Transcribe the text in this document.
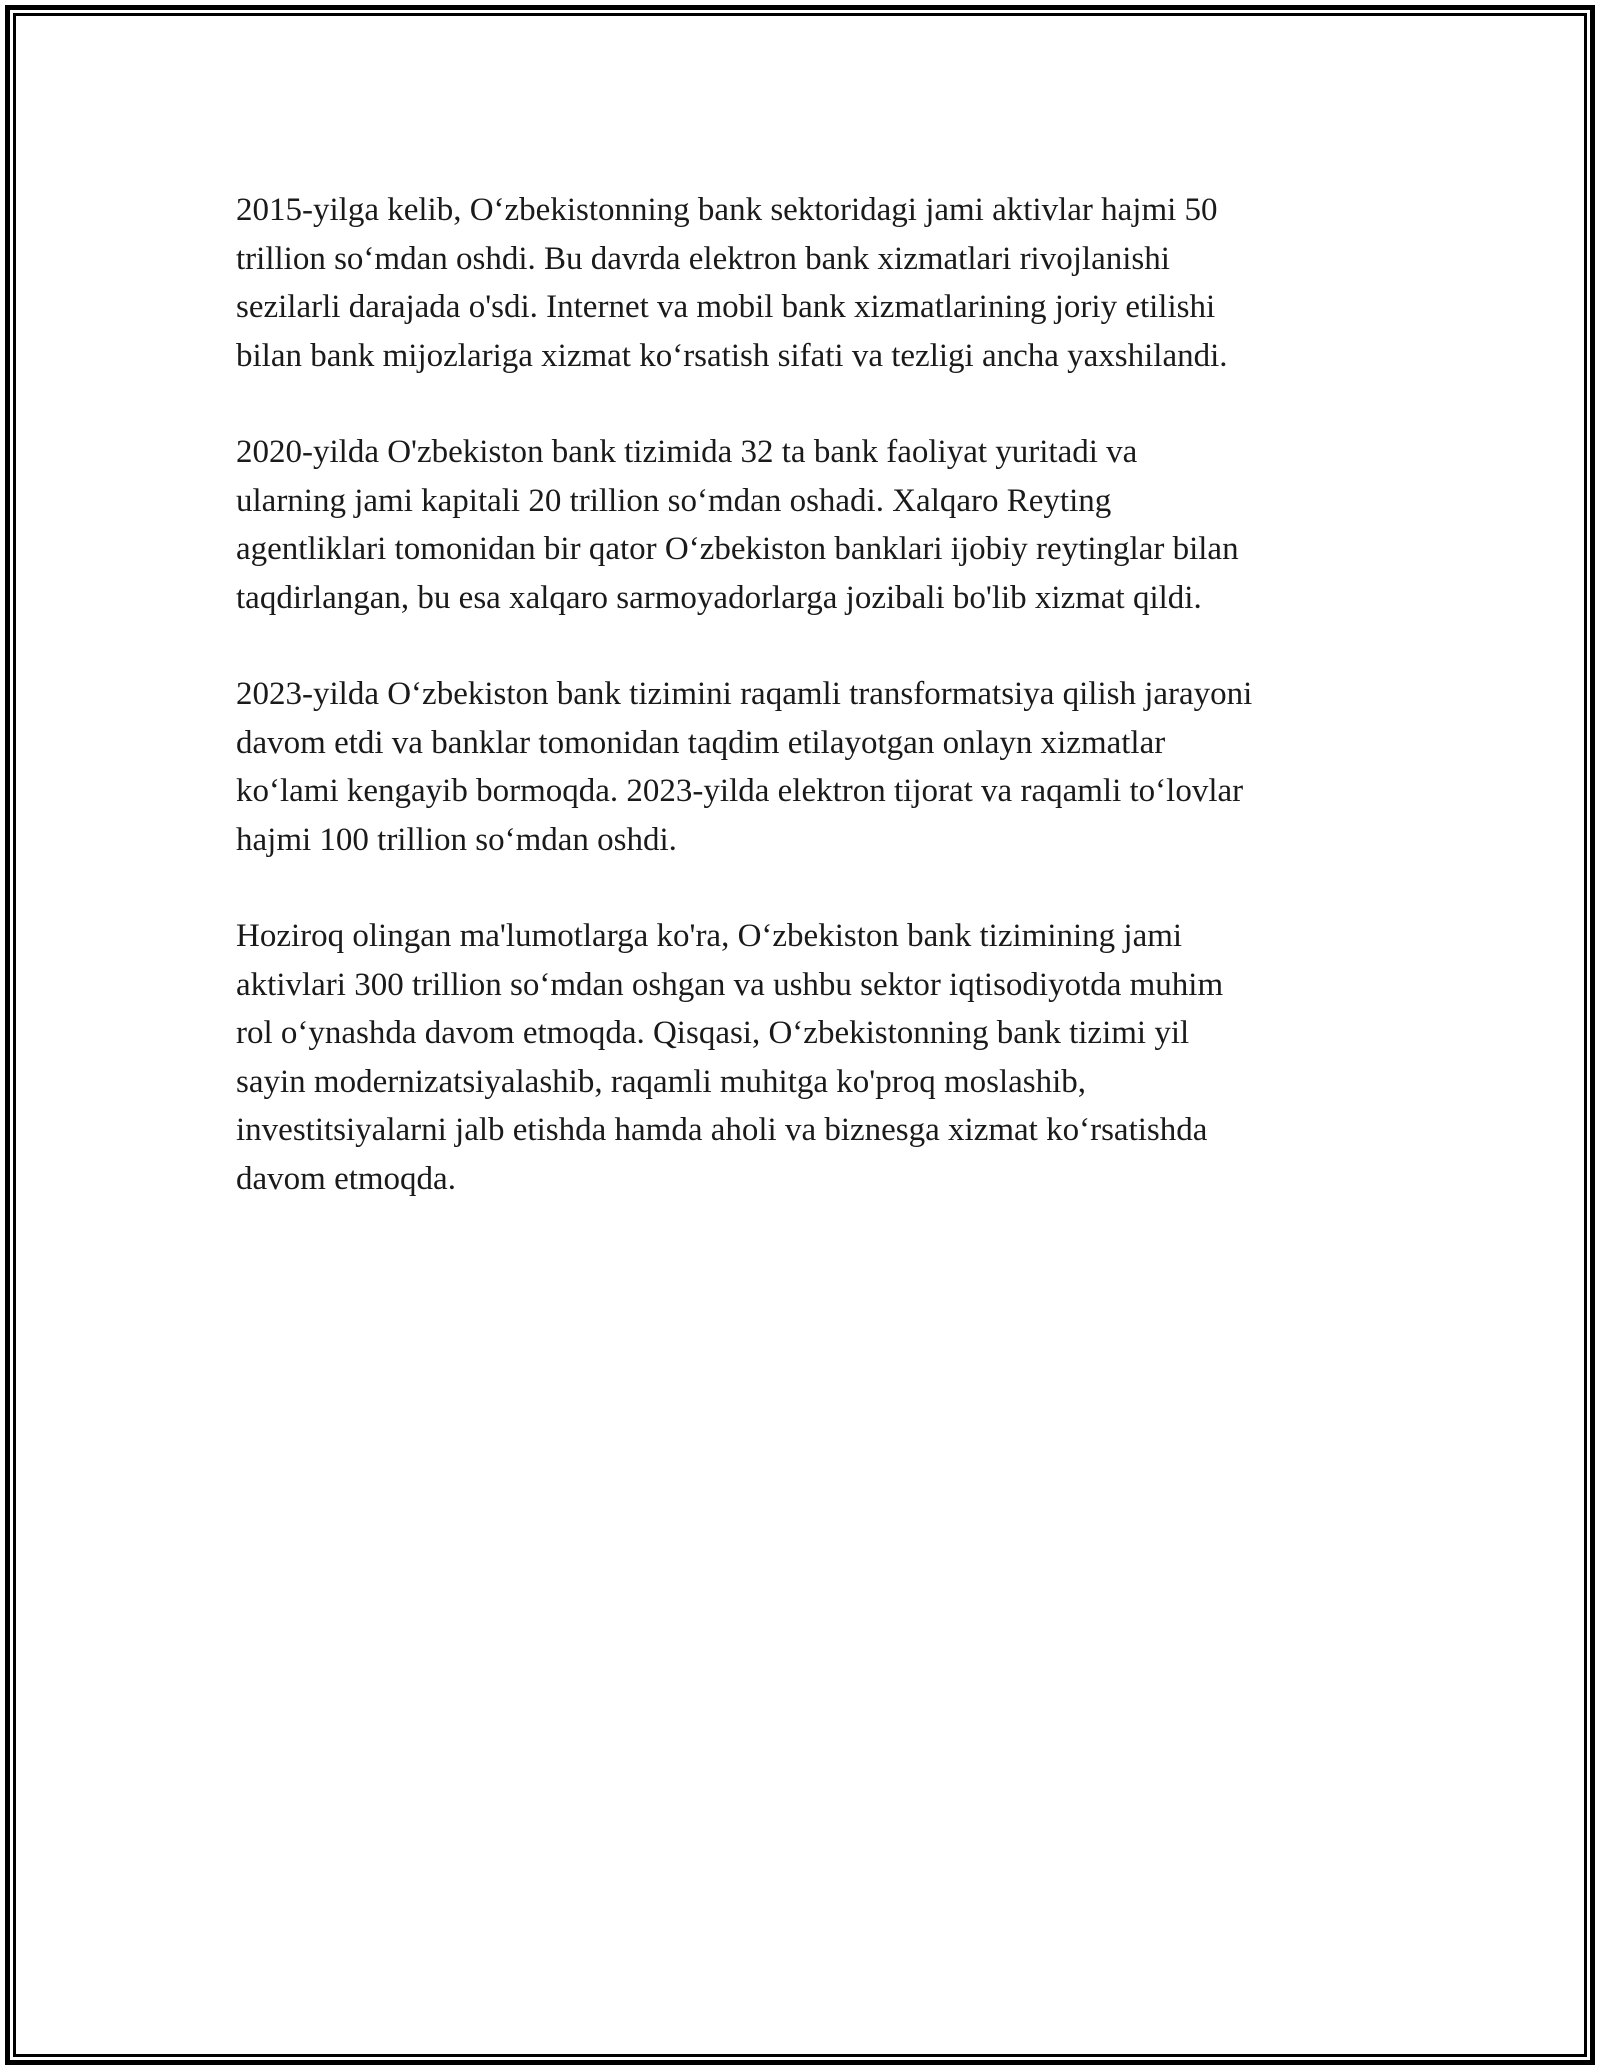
2015-yilga kelib, O‘zbekistonning bank sektoridagi jami aktivlar hajmi 50
trillion so‘mdan oshdi. Bu davrda elektron bank xizmatlari rivojlanishi
sezilarli darajada o'sdi. Internet va mobil bank xizmatlarining joriy etilishi
bilan bank mijozlariga xizmat ko‘rsatish sifati va tezligi ancha yaxshilandi.

2020-yilda O'zbekiston bank tizimida 32 ta bank faoliyat yuritadi va
ularning jami kapitali 20 trillion so‘mdan oshadi. Xalqaro Reyting
agentliklari tomonidan bir qator O‘zbekiston banklari ijobiy reytinglar bilan
taqdirlangan, bu esa xalqaro sarmoyadorlarga jozibali bo'lib xizmat qildi.

2023-yilda O‘zbekiston bank tizimini raqamli transformatsiya qilish jarayoni
davom etdi va banklar tomonidan taqdim etilayotgan onlayn xizmatlar
ko‘lami kengayib bormoqda. 2023-yilda elektron tijorat va raqamli to‘lovlar
hajmi 100 trillion so‘mdan oshdi.

Hoziroq olingan ma'lumotlarga ko'ra, O‘zbekiston bank tizimining jami
aktivlari 300 trillion so‘mdan oshgan va ushbu sektor iqtisodiyotda muhim
rol o‘ynashda davom etmoqda. Qisqasi, O‘zbekistonning bank tizimi yil
sayin modernizatsiyalashib, raqamli muhitga ko'proq moslashib,
investitsiyalarni jalb etishda hamda aholi va biznesga xizmat ko‘rsatishda
davom etmoqda.
